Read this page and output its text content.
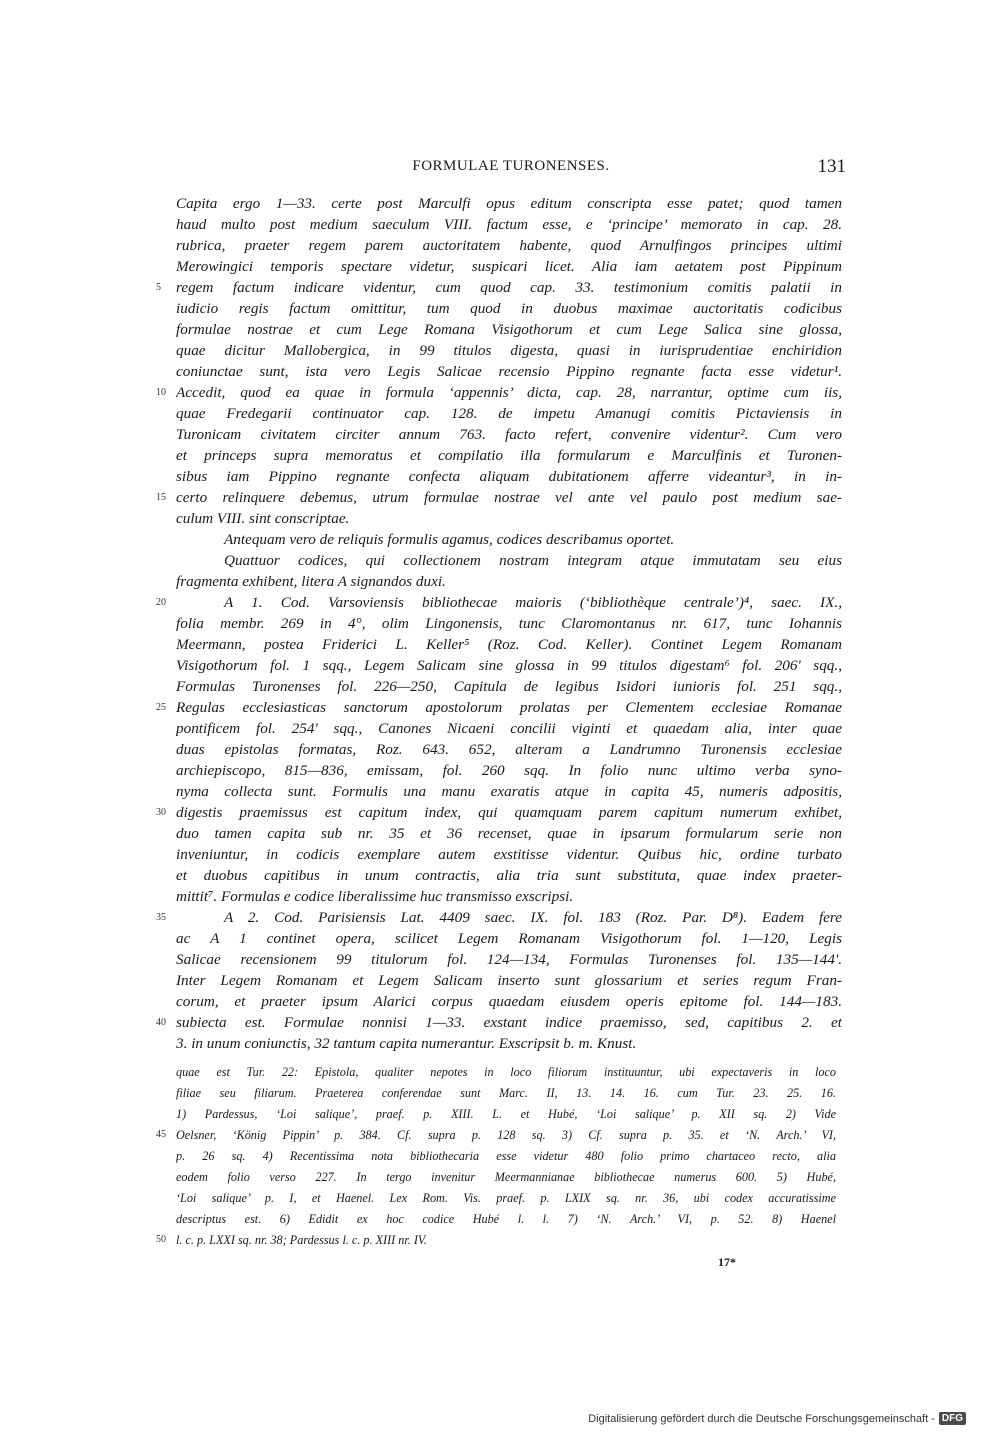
FORMULAE TURONENSES.	131
Capita ergo 1—33. certe post Marculfi opus editum conscripta esse patet; quod tamen
haud multo post medium saeculum VIII. factum esse, e ‘principe’ memorato in cap. 28.
rubrica, praeter regem parem auctoritatem habente, quod Arnulfingos principes ultimi
Merowingici temporis spectare videtur, suspicari licet. Alia iam aetatem post Pippinum
regem factum indicare videntur, cum quod cap. 33. testimonium comitis palatii in
iudicio regis factum omittitur, tum quod in duobus maximae auctoritatis codicibus
formulae nostrae et cum Lege Romana Visigothorum et cum Lege Salica sine glossa,
quae dicitur Mallobergica, in 99 titulos digesta, quasi in iurisprudentiae enchiridion
coniunctae sunt, ista vero Legis Salicae recensio Pippino regnante facta esse videtur¹.
Accedit, quod ea quae in formula ‘appennis’ dicta, cap. 28, narrantur, optime cum iis,
quae Fredegarii continuator cap. 128. de impetu Amanugi comitis Pictaviensis in
Turonicam civitatem circiter annum 763. facto refert, convenire videntur². Cum vero
et princeps supra memoratus et compilatio illa formularum e Marculfinis et Turonen-
sibus iam Pippino regnante confecta aliquam dubitationem afferre videantur³, in in-
certo relinquere debemus, utrum formulae nostrae vel ante vel paulo post medium sae-
culum VIII. sint conscriptae.
Antequam vero de reliquis formulis agamus, codices describamus oportet.
Quattuor codices, qui collectionem nostram integram atque immutatam seu eius
fragmenta exhibent, litera A signandos duxi.
A 1. Cod. Varsoviensis bibliothecae maioris (‘bibliothèque centrale’)⁴, saec. IX.,
folia membr. 269 in 4°, olim Lingonensis, tunc Claromontanus nr. 617, tunc Iohannis
Meermann, postea Friderici L. Keller⁵ (Roz. Cod. Keller). Continet Legem Romanam
Visigothorum fol. 1 sqq., Legem Salicam sine glossa in 99 titulos digestam⁶ fol. 206' sqq.,
Formulas Turonenses fol. 226—250, Capitula de legibus Isidori iunioris fol. 251 sqq.,
Regulas ecclesiasticas sanctorum apostolorum prolatas per Clementem ecclesiae Romanae
pontificem fol. 254' sqq., Canones Nicaeni concilii viginti et quaedam alia, inter quae
duas epistolas formatas, Roz. 643. 652, alteram a Landrumno Turonensis ecclesiae
archiepiscopo, 815—836, emissam, fol. 260 sqq. In folio nunc ultimo verba syno-
nyma collecta sunt. Formulis una manu exaratis atque in capita 45, numeris adpositis,
digestis praemissus est capitum index, qui quamquam parem capitum numerum exhibet,
duo tamen capita sub nr. 35 et 36 recenset, quae in ipsarum formularum serie non
inveniuntur, in codicis exemplare autem exstitisse videntur. Quibus hic, ordine turbato
et duobus capitibus in unum contractis, alia tria sunt substituta, quae index praeter-
mittit⁷. Formulas e codice liberalissime huc transmisso exscripsi.
A 2. Cod. Parisiensis Lat. 4409 saec. IX. fol. 183 (Roz. Par. D⁸). Eadem fere
ac A 1 continet opera, scilicet Legem Romanam Visigothorum fol. 1—120, Legis
Salicae recensionem 99 titulorum fol. 124—134, Formulas Turonenses fol. 135—144'.
Inter Legem Romanam et Legem Salicam inserto sunt glossarium et series regum Fran-
corum, et praeter ipsum Alarici corpus quaedam eiusdem operis epitome fol. 144—183.
subiecta est. Formulae nonnisi 1—33. exstant indice praemisso, sed, capitibus 2. et
3. in unum coniunctis, 32 tantum capita numerantur. Exscripsit b. m. Knust.
5
10
15
20
25
30
35
40
quae est Tur. 22: Epistola, qualiter nepotes in loco filiorum instituuntur, ubi expectaveris in loco
filiae seu filiarum. Praeterea conferendae sunt Marc. II, 13. 14. 16. cum Tur. 23. 25. 16.
1) Pardessus, ‘Loi salique’, praef. p. XIII. L. et Hubé, ‘Loi salique’ p. XII sq. 2) Vide
Oelsner, ‘König Pippin’ p. 384. Cf. supra p. 128 sq. 3) Cf. supra p. 35. et ‘N. Arch.’ VI,
p. 26 sq. 4) Recentissima nota bibliothecaria esse videtur 480 folio primo chartaceo recto, alia
eodem folio verso 227. In tergo invenitur Meermannianae bibliothecae numerus 600. 5) Hubé,
‘Loi salique’ p. I, et Haenel. Lex Rom. Vis. praef. p. LXIX sq. nr. 36, ubi codex accuratissime
descriptus est. 6) Edidit ex hoc codice Hubé l. l. 7) ‘N. Arch.’ VI, p. 52. 8) Haenel
l. c. p. LXXI sq. nr. 38; Pardessus l. c. p. XIII nr. IV.
45
50
17*
Digitalisierung gefördert durch die Deutsche Forschungsgemeinschaft - DFG
